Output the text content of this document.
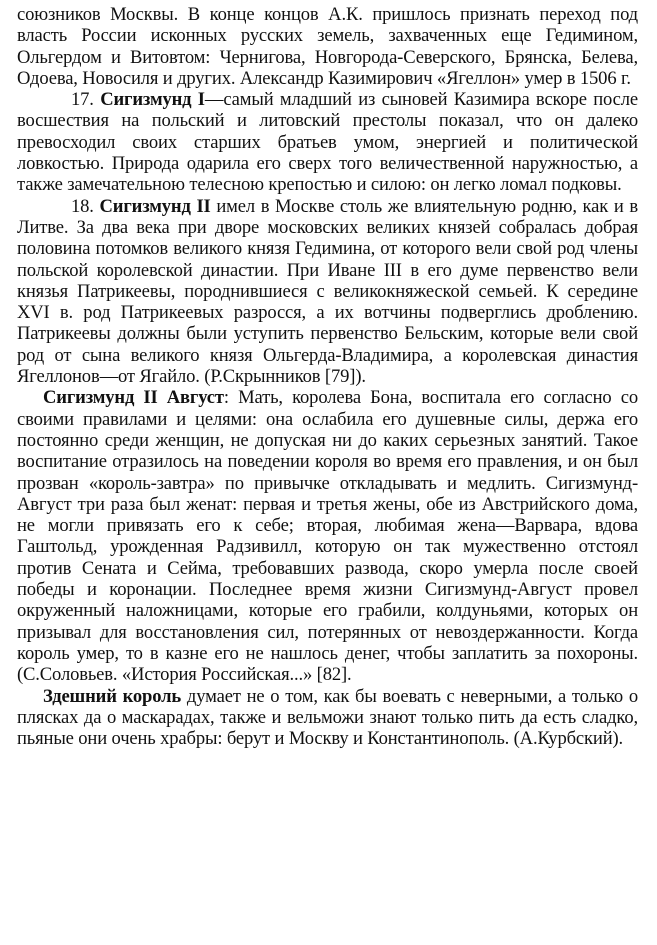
союзников Москвы. В конце концов А.К. пришлось признать переход под власть России исконных русских земель, захваченных еще Гедимином, Ольгердом и Витовтом: Чернигова, Новгорода-Северского, Брянска, Белева, Одоева, Новосиля и других. Александр Казимирович «Ягеллон» умер в 1506 г.

17. Сигизмунд I—самый младший из сыновей Казимира вскоре после восшествия на польский и литовский престолы показал, что он далеко превосходил своих старших братьев умом, энергией и политической ловкостью. Природа одарила его сверх того величественной наружностью, а также замечательною телесною крепостью и силою: он легко ломал подковы.

18. Сигизмунд II имел в Москве столь же влиятельную родню, как и в Литве. За два века при дворе московских великих князей собралась добрая половина потомков великого князя Гедимина, от которого вели свой род члены польской королевской династии. При Иване III в его думе первенство вели князья Патрикеевы, породнившиеся с великокняжеской семьей. К середине XVI в. род Патрикеевых разросся, а их вотчины подверглись дроблению. Патрикеевы должны были уступить первенство Бельским, которые вели свой род от сына великого князя Ольгерда-Владимира, а королевская династия Ягеллонов—от Ягайло. (Р.Скрынников [79]).

Сигизмунд II Август: Мать, королева Бона, воспитала его согласно со своими правилами и целями: она ослабила его душевные силы, держа его постоянно среди женщин, не допуская ни до каких серьезных занятий. Такое воспитание отразилось на поведении короля во время его правления, и он был прозван «король-завтра» по привычке откладывать и медлить. Сигизмунд-Август три раза был женат: первая и третья жены, обе из Австрийского дома, не могли привязать его к себе; вторая, любимая жена—Варвара, вдова Гаштольд, урожденная Радзивилл, которую он так мужественно отстоял против Сената и Сейма, требовавших развода, скоро умерла после своей победы и коронации. Последнее время жизни Сигизмунд-Август провел окруженный наложницами, которые его грабили, колдуньями, которых он призывал для восстановления сил, потерянных от невоздержанности. Когда король умер, то в казне его не нашлось денег, чтобы заплатить за похороны. (С.Соловьев. «История Российская...» [82].

Здешний король думает не о том, как бы воевать с неверными, а только о плясках да о маскарадах, также и вельможи знают только пить да есть сладко, пьяные они очень храбры: берут и Москву и Константинополь. (А.Курбский).
